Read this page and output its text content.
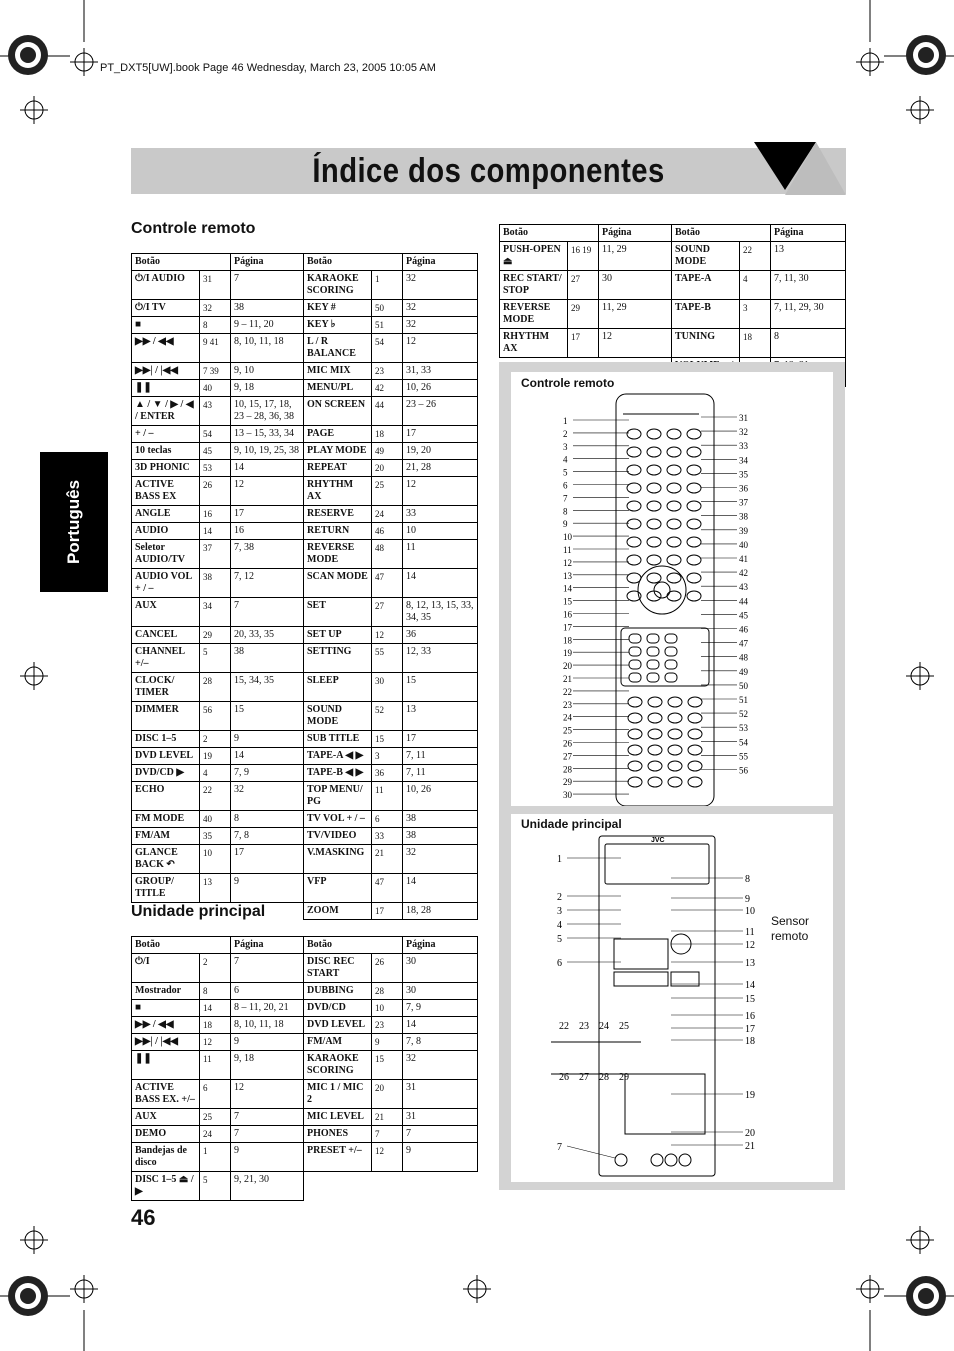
PT_DXT5[UW].book Page 46 Wednesday, March 23, 2005 10:05 AM
Índice dos componentes
Português
Controle remoto
Unidade principal
Botão		Página	Botão		Página
⏻/I AUDIO	31	7	KARAOKE SCORING	1	32
⏻/I TV	32	38	KEY #	50	32
■	8	9 – 11, 20	KEY ♭	51	32
▶▶ / ◀◀	9 41	8, 10, 11, 18	L / R BALANCE	54	12
▶▶| / |◀◀	7 39	9, 10	MIC MIX	23	31, 33
❚❚	40	9, 18	MENU/PL	42	10, 26
▲ / ▼ / ▶ / ◀ / ENTER	43	10, 15, 17, 18, 23 – 28, 36, 38	ON SCREEN	44	23 – 26
+ / –	54	13 – 15, 33, 34	PAGE	18	17
10 teclas	45	9, 10, 19, 25, 38	PLAY MODE	49	19, 20
3D PHONIC	53	14	REPEAT	20	21, 28
ACTIVE BASS EX	26	12	RHYTHM AX	25	12
ANGLE	16	17	RESERVE	24	33
AUDIO	14	16	RETURN	46	10
Seletor AUDIO/TV	37	7, 38	REVERSE MODE	48	11
AUDIO VOL + / –	38	7, 12	SCAN MODE	47	14
AUX	34	7	SET	27	8, 12, 13, 15, 33, 34, 35
CANCEL	29	20, 33, 35	SET UP	12	36
CHANNEL +/–	5	38	SETTING	55	12, 33
CLOCK/ TIMER	28	15, 34, 35	SLEEP	30	15
DIMMER	56	15	SOUND MODE	52	13
DISC 1–5	2	9	SUB TITLE	15	17
DVD LEVEL	19	14	TAPE-A ◀ ▶	3	7, 11
DVD/CD ▶	4	7, 9	TAPE-B ◀ ▶	36	7, 11
ECHO	22	32	TOP MENU/ PG	11	10, 26
FM MODE	40	8	TV VOL + / –	6	38
FM/AM	35	7, 8	TV/VIDEO	33	38
GLANCE BACK ↶	10	17	V.MASKING	21	32
GROUP/ TITLE	13	9	VFP	47	14
			ZOOM	17	18, 28
Botão		Página	Botão		Página
⏻/I	2	7	DISC REC START	26	30
Mostrador	8	6	DUBBING	28	30
■	14	8 – 11, 20, 21	DVD/CD	10	7, 9
▶▶ / ◀◀	18	8, 10, 11, 18	DVD LEVEL	23	14
▶▶| / |◀◀	12	9	FM/AM	9	7, 8
❚❚	11	9, 18	KARAOKE SCORING	15	32
ACTIVE BASS EX. +/–	6	12	MIC 1 / MIC 2	20	31
AUX	25	7	MIC LEVEL	21	31
DEMO	24	7	PHONES	7	7
Bandejas de disco	1	9	PRESET +/–	12	9
DISC 1–5 ⏏ / ▶	5	9, 21, 30			
Botão		Página	Botão		Página
PUSH-OPEN ⏏	16 19	11, 29	SOUND MODE	22	13
REC START/ STOP	27	30	TAPE-A	4	7, 11, 30
REVERSE MODE	29	11, 29	TAPE-B	3	7, 11, 29, 30
RHYTHM AX	17	12	TUNING	18	8

Controle remoto
Unidade principal
1
2
3
4
5
6
7
8
9
10
11
12
13
14
15
16
17
18
19
20
21
22
23
24
25
26
27
28
29
30
31
32
33
34
35
36
37
38
39
40
41
42
43
44
45
46
47
48
49
50
51
52
53
54
55
56
JVC
1
2
3
4
5
6
8
9
10
11
12
13
14
15
16
17
18
19
20
21
22 23 24 25
26 27 28 29
7
Sensor
remoto
46
